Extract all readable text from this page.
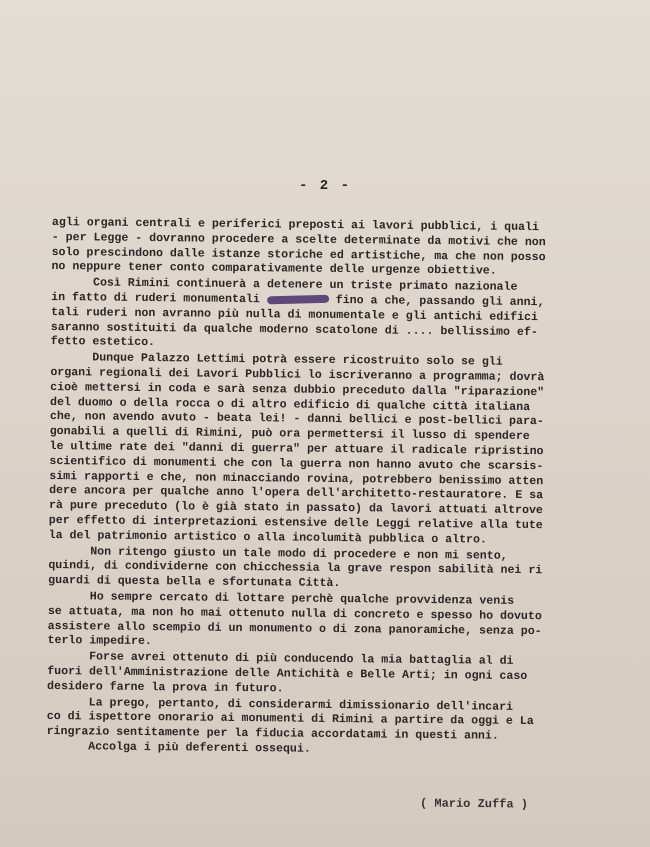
- 2 -
agli organi centrali e periferici preposti ai lavori pubblici, i quali
- per Legge - dovranno procedere a scelte determinate da motivi che non
solo prescindono dalle istanze storiche ed artistiche, ma che non posso
no neppure tener conto comparativamente delle urgenze obiettive.
Così Rimini continuerà a detenere un triste primato nazionale
in fatto di ruderi monumentali	fino a che, passando gli anni,
tali ruderi non avranno più nulla di monumentale e gli antichi edifici
saranno sostituiti da qualche moderno scatolone di .... bellissimo ef-
fetto estetico.
Dunque Palazzo Lettimi potrà essere ricostruito solo se gli
organi regionali dei Lavori Pubblici lo iscriveranno a programma; dovrà
cioè mettersi in coda e sarà senza dubbio preceduto dalla "riparazione"
del duomo o della rocca o di altro edificio di qualche città italiana
che, non avendo avuto - beata lei! - danni bellici e post-bellici para-
gonabili a quelli di Rimini, può ora permettersi il lusso di spendere
le ultime rate dei "danni di guerra" per attuare il radicale ripristino
scientifico di monumenti che con la guerra non hanno avuto che scarsis-
simi rapporti e che, non minacciando rovina, potrebbero benissimo atten
dere ancora per qualche anno l'opera dell'architetto-restauratore. E sa
rà pure preceduto (lo è già stato in passato) da lavori attuati altrove
per effetto di interpretazioni estensive delle Leggi relative alla tute
la del patrimonio artistico o alla incolumità pubblica o altro.
Non ritengo giusto un tale modo di procedere e non mi sento,
quindi, di condividerne con chicchessia la grave respon sabilità nei ri
guardi di questa bella e sfortunata Città.
Ho sempre cercato di lottare perchè qualche provvidenza venis
se attuata, ma non ho mai ottenuto nulla di concreto e spesso ho dovuto
assistere allo scempio di un monumento o di zona panoramiche, senza po-
terlo impedire.
Forse avrei ottenuto di più conducendo la mia battaglia al di
fuori dell'Amministrazione delle Antichità e Belle Arti; in ogni caso
desidero farne la prova in futuro.
La prego, pertanto, di considerarmi dimissionario dell'incari
co di ispettore onorario ai monumenti di Rimini a partire da oggi e La
ringrazio sentitamente per la fiducia accordatami in questi anni.
Accolga i più deferenti ossequi.
( Mario Zuffa )
